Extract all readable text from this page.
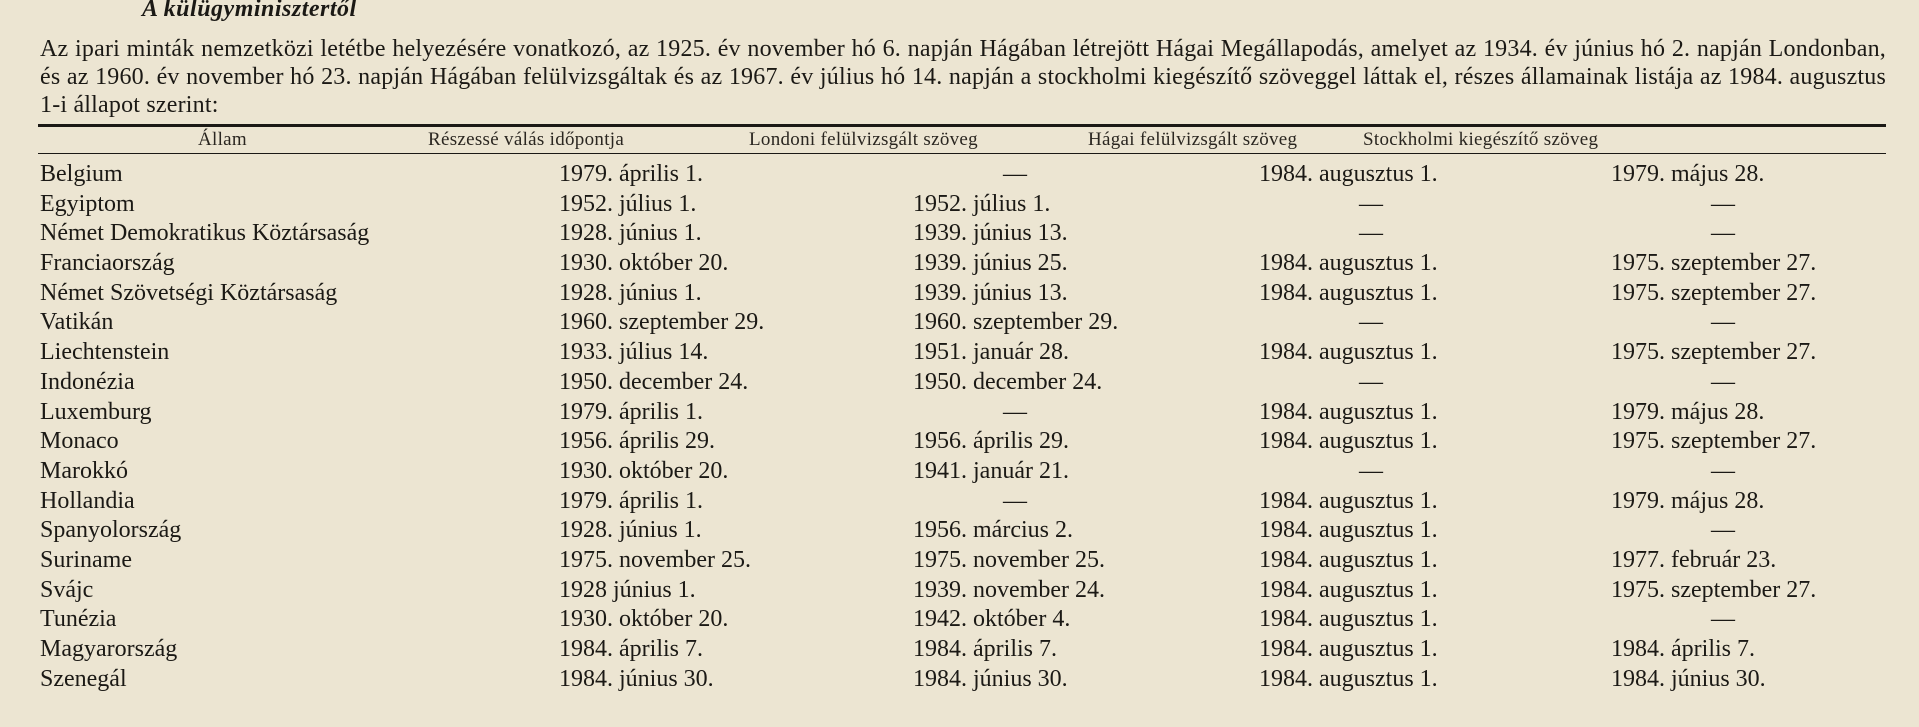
A külügyminisztertől
Az ipari minták nemzetközi letétbe helyezésére vonatkozó, az 1925. év november hó 6. napján Hágában létrejött Hágai Megállapodás, amelyet az 1934. év június hó 2. napján Londonban, és az 1960. év november hó 23. napján Hágában felülvizsgáltak és az 1967. év július hó 14. napján a stockholmi kiegészítő szöveggel láttak el, részes államainak listája az 1984. augusztus 1-i állapot szerint:
Állam	Részessé válás időpontja	Londoni felülvizsgált szöveg	Hágai felülvizsgált szöveg	Stockholmi kiegészítő szöveg
Belgium	1979. április 1.	—	1984. augusztus 1.	1979. május 28.
Egyiptom	1952. július 1.	1952. július 1.	—	—
Német Demokratikus Köztársaság	1928. június 1.	1939. június 13.	—	—
Franciaország	1930. október 20.	1939. június 25.	1984. augusztus 1.	1975. szeptember 27.
Német Szövetségi Köztársaság	1928. június 1.	1939. június 13.	1984. augusztus 1.	1975. szeptember 27.
Vatikán	1960. szeptember 29.	1960. szeptember 29.	—	—
Liechtenstein	1933. július 14.	1951. január 28.	1984. augusztus 1.	1975. szeptember 27.
Indonézia	1950. december 24.	1950. december 24.	—	—
Luxemburg	1979. április 1.	—	1984. augusztus 1.	1979. május 28.
Monaco	1956. április 29.	1956. április 29.	1984. augusztus 1.	1975. szeptember 27.
Marokkó	1930. október 20.	1941. január 21.	—	—
Hollandia	1979. április 1.	—	1984. augusztus 1.	1979. május 28.
Spanyolország	1928. június 1.	1956. március 2.	1984. augusztus 1.	—
Suriname	1975. november 25.	1975. november 25.	1984. augusztus 1.	1977. február 23.
Svájc	1928 június 1.	1939. november 24.	1984. augusztus 1.	1975. szeptember 27.
Tunézia	1930. október 20.	1942. október 4.	1984. augusztus 1.	—
Magyarország	1984. április 7.	1984. április 7.	1984. augusztus 1.	1984. április 7.
Szenegál	1984. június 30.	1984. június 30.	1984. augusztus 1.	1984. június 30.
